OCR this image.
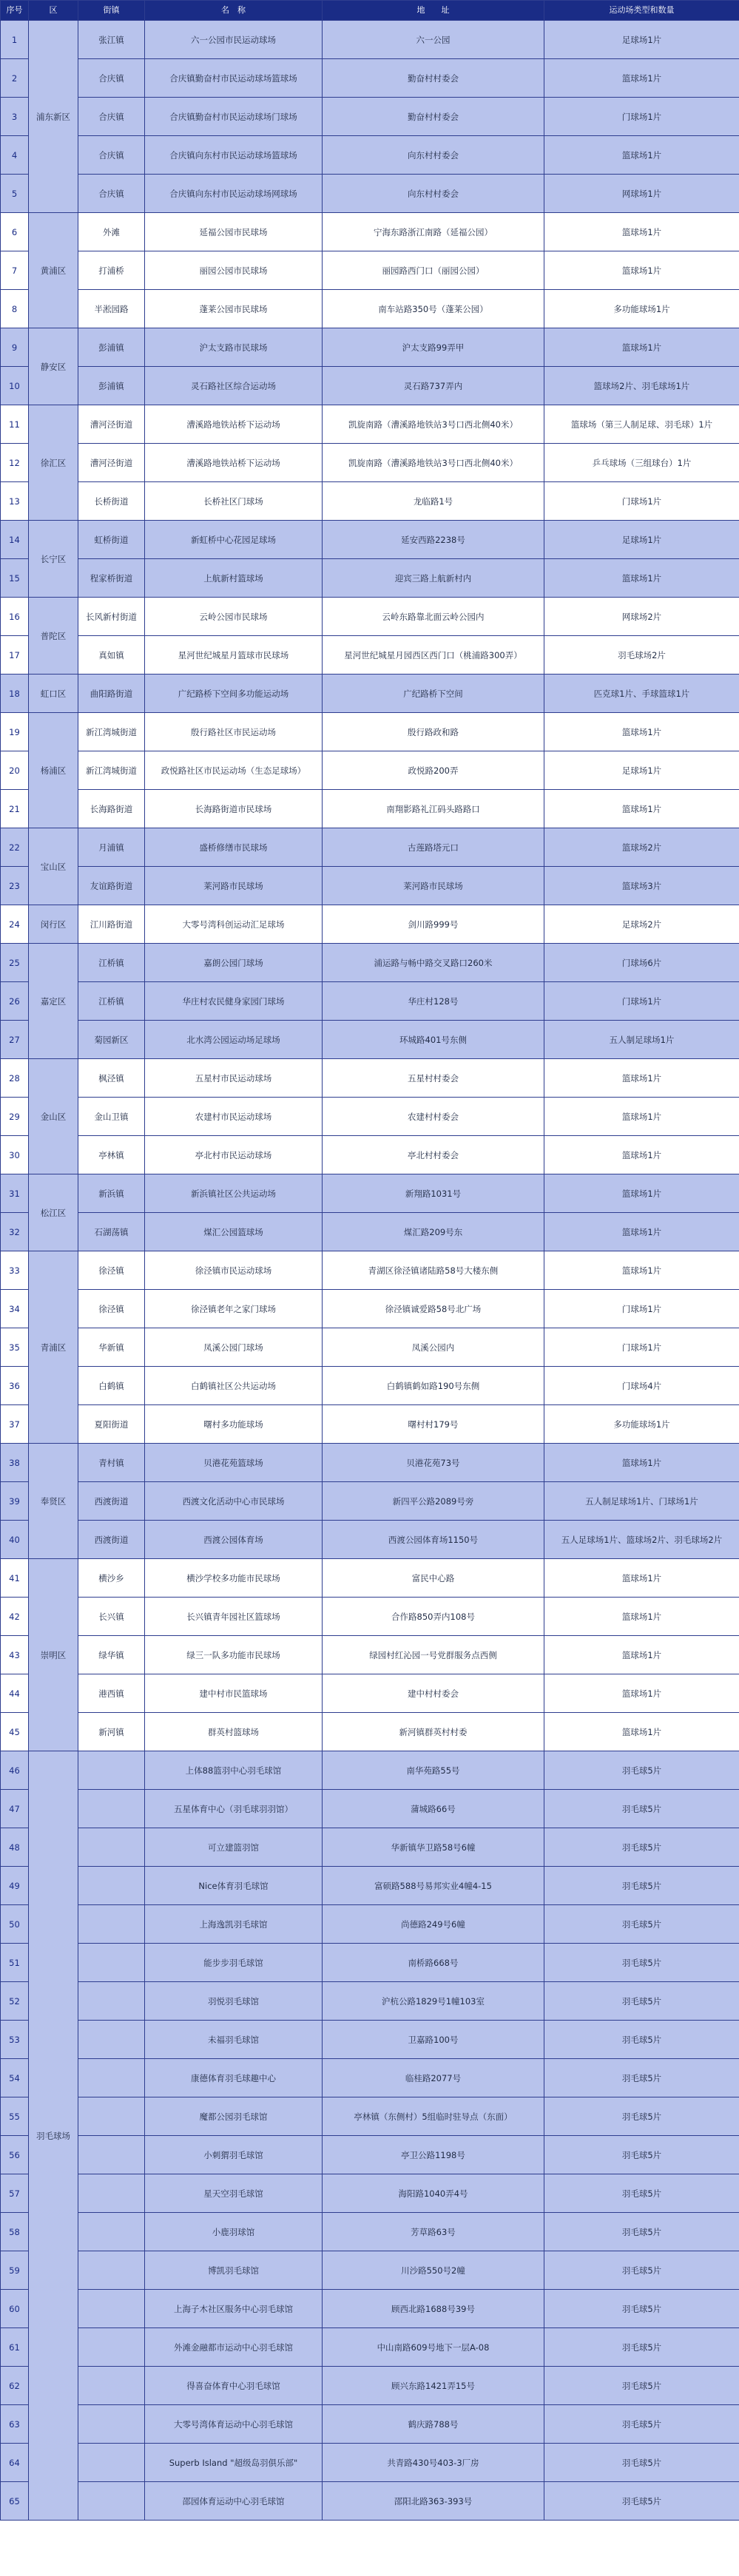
序号	区	街镇	名　称	地　　址	运动场类型和数量
1	浦东新区	张江镇	六一公园市民运动球场	六一公园	足球场1片
2		合庆镇	合庆镇勤奋村市民运动球场篮球场	勤奋村村委会	篮球场1片
3		合庆镇	合庆镇勤奋村市民运动球场门球场	勤奋村村委会	门球场1片
4		合庆镇	合庆镇向东村市民运动球场篮球场	向东村村委会	篮球场1片
5		合庆镇	合庆镇向东村市民运动球场网球场	向东村村委会	网球场1片
6	黄浦区	外滩	延福公园市民球场	宁海东路浙江南路（延福公园）	篮球场1片
7		打浦桥	丽园公园市民球场	丽园路西门口（丽园公园）	篮球场1片
8		半淞园路	蓬莱公园市民球场	南车站路350号（蓬莱公园）	多功能球场1片
9	静安区	彭浦镇	沪太支路市民球场	沪太支路99弄甲	篮球场1片
10		彭浦镇	灵石路社区综合运动场	灵石路737弄内	篮球场2片、羽毛球场1片
11	徐汇区	漕河泾街道	漕溪路地铁站桥下运动场	凯旋南路（漕溪路地铁站3号口西北侧40米）	篮球场（第三人制足球、羽毛球）1片
12		漕河泾街道	漕溪路地铁站桥下运动场	凯旋南路（漕溪路地铁站3号口西北侧40米）	乒乓球场（三组球台）1片
13		长桥街道	长桥社区门球场	龙临路1号	门球场1片
14	长宁区	虹桥街道	新虹桥中心花园足球场	延安西路2238号	足球场1片
15		程家桥街道	上航新村篮球场	迎宾三路上航新村内	篮球场1片
16	普陀区	长风新村街道	云岭公园市民球场	云岭东路靠北面云岭公园内	网球场2片
17		真如镇	星河世纪城星月篮球市民球场	星河世纪城星月园西区西门口（桃浦路300弄）	羽毛球场2片
18	虹口区	曲阳路街道	广纪路桥下空间多功能运动场	广纪路桥下空间	匹克球1片、手球篮球1片
19	杨浦区	新江湾城街道	殷行路社区市民运动场	殷行路政和路	篮球场1片
20		新江湾城街道	政悦路社区市民运动场（生态足球场）	政悦路200弄	足球场1片
21		长海路街道	长海路街道市民球场	南翔影路礼江码头路路口	篮球场1片
22	宝山区	月浦镇	盛桥修缮市民球场	古莲路塔元口	篮球场2片
23		友谊路街道	莱河路市民球场	莱河路市民球场	篮球场3片
24	闵行区	江川路街道	大零号湾科创运动汇足球场	剑川路999号	足球场2片
25	嘉定区	江桥镇	嘉朗公园门球场	浦运路与畅中路交叉路口260米	门球场6片
26		江桥镇	华庄村农民健身家园门球场	华庄村128号	门球场1片
27		菊园新区	北水湾公园运动场足球场	环城路401号东侧	五人制足球场1片
28	金山区	枫泾镇	五星村市民运动球场	五星村村委会	篮球场1片
29		金山卫镇	农建村市民运动球场	农建村村委会	篮球场1片
30		亭林镇	亭北村市民运动球场	亭北村村委会	篮球场1片
31	松江区	新浜镇	新浜镇社区公共运动场	新翔路1031号	篮球场1片
32		石湖荡镇	煤汇公园篮球场	煤汇路209号东	篮球场1片
33	青浦区	徐泾镇	徐泾镇市民运动球场	青湖区徐泾镇诸陆路58号大楼东侧	篮球场1片
34		徐泾镇	徐泾镇老年之家门球场	徐泾镇诚爱路58号北广场	门球场1片
35		华新镇	凤溪公园门球场	凤溪公园内	门球场1片
36		白鹤镇	白鹤镇社区公共运动场	白鹤镇鹤如路190号东侧	门球场4片
37		夏阳街道	曙村多功能球场	曙村村179号	多功能球场1片
38	奉贤区	青村镇	贝港花苑篮球场	贝港花苑73号	篮球场1片
39		西渡街道	西渡文化活动中心市民球场	新四平公路2089号旁	五人制足球场1片、门球场1片
40		西渡街道	西渡公园体育场	西渡公园体育场1150号	五人足球场1片、篮球场2片、羽毛球场2片
41	崇明区	横沙乡	横沙学校多功能市民球场	富民中心路	篮球场1片
42		长兴镇	长兴镇青年园社区篮球场	合作路850弄内108号	篮球场1片
43		绿华镇	绿三一队多功能市民球场	绿园村红沁园一号党群服务点西侧	篮球场1片
44		港西镇	建中村市民篮球场	建中村村委会	篮球场1片
45		新河镇	群英村篮球场	新河镇群英村村委	篮球场1片
46	羽毛球场		上体88篮羽中心羽毛球馆	南华苑路55号	羽毛球5片
47			五星体育中心（羽毛球羽羽馆）	蒲城路66号	羽毛球5片
48			可立建篮羽馆	华新镇华卫路58号6幢	羽毛球5片
49			Nice体育羽毛球馆	富硕路588号易邦实业4幢4-15	羽毛球5片
50			上海逸凯羽毛球馆	尚德路249号6幢	羽毛球5片
51			能步步羽毛球馆	南桥路668号	羽毛球5片
52			羽悦羽毛球馆	沪杭公路1829号1幢103室	羽毛球5片
53			未福羽毛球馆	卫嘉路100号	羽毛球5片
54			康德体育羽毛球趣中心	临桂路2077号	羽毛球5片
55			魔都公园羽毛球馆	亭林镇（东侧村）5组临时驻导点（东面）	羽毛球5片
56			小刺猬羽毛球馆	亭卫公路1198号	羽毛球5片
57			星天空羽毛球馆	海阳路1040弄4号	羽毛球5片
58			小鹿羽球馆	芳草路63号	羽毛球5片
59			博凯羽毛球馆	川沙路550号2幢	羽毛球5片
60			上海子木社区服务中心羽毛球馆	顾西北路1688号39号	羽毛球5片
61			外滩金融都市运动中心羽毛球馆	中山南路609号地下一层A-08	羽毛球5片
62			得喜奋体育中心羽毛球馆	顾兴东路1421弄15号	羽毛球5片
63			大零号湾体育运动中心羽毛球馆	鹤庆路788号	羽毛球5片
64			Superb Island "超级岛羽俱乐部"	共青路430号403-3厂房	羽毛球5片
65			邵园体育运动中心羽毛球馆	邵阳北路363-393号	羽毛球5片
